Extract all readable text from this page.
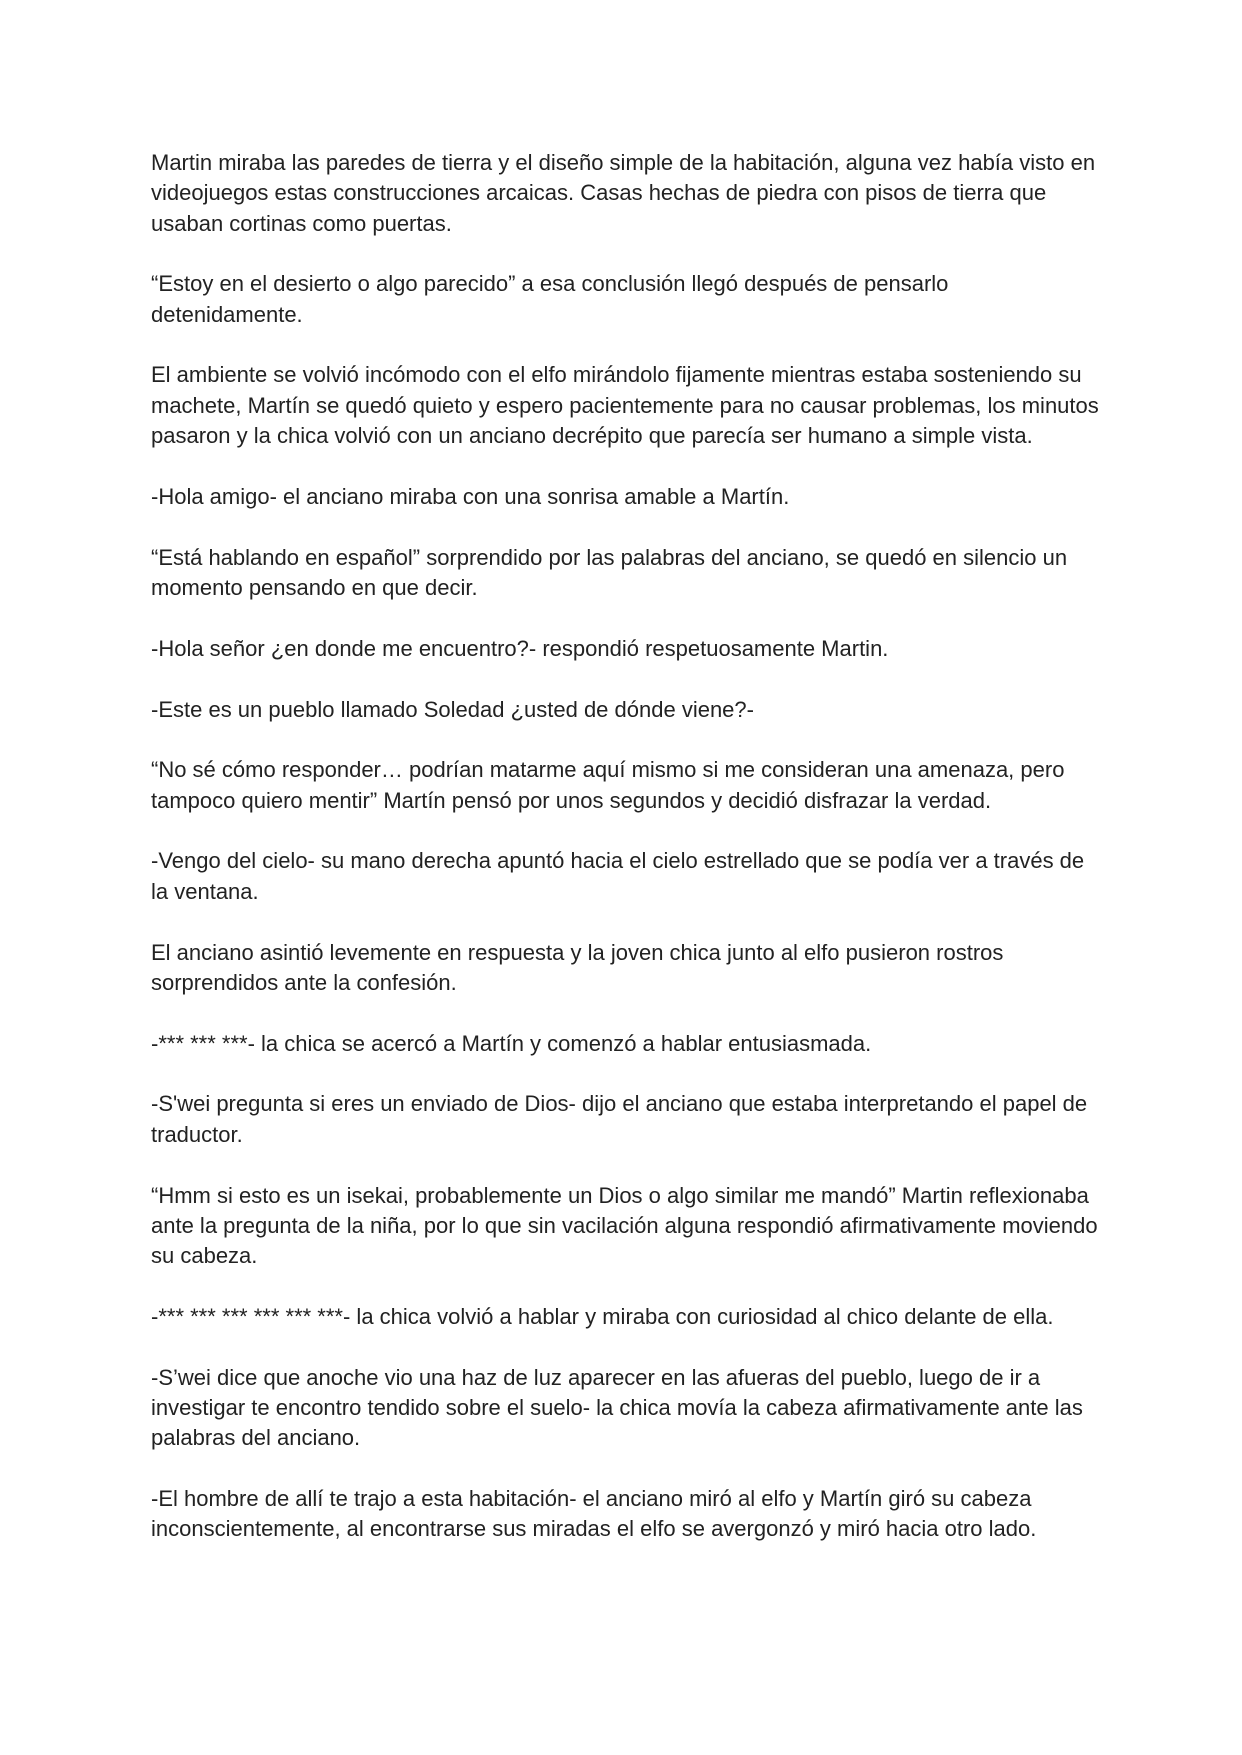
Martin miraba las paredes de tierra y el diseño simple de la habitación, alguna vez había visto en videojuegos estas construcciones arcaicas. Casas hechas de piedra con pisos de tierra que usaban cortinas como puertas.

“Estoy en el desierto o algo parecido” a esa conclusión llegó después de pensarlo detenidamente.

El ambiente se volvió incómodo con el elfo mirándolo fijamente mientras estaba sosteniendo su machete, Martín se quedó quieto y espero pacientemente para no causar problemas, los minutos pasaron y la chica volvió con un anciano decrépito que parecía ser humano a simple vista.

-Hola amigo- el anciano miraba con una sonrisa amable a Martín.

“Está hablando en español” sorprendido por las palabras del anciano, se quedó en silencio un momento pensando en que decir.

-Hola señor ¿en donde me encuentro?- respondió respetuosamente Martin.

-Este es un pueblo llamado Soledad ¿usted de dónde viene?-

“No sé cómo responder… podrían matarme aquí mismo si me consideran una amenaza, pero tampoco quiero mentir” Martín pensó por unos segundos y decidió disfrazar la verdad.

-Vengo del cielo- su mano derecha apuntó hacia el cielo estrellado que se podía ver a través de la ventana.

El anciano asintió levemente en respuesta y la joven chica junto al elfo pusieron rostros sorprendidos ante la confesión.

-*** *** ***- la chica se acercó a Martín y comenzó a hablar entusiasmada.

-S'wei pregunta si eres un enviado de Dios- dijo el anciano que estaba interpretando el papel de traductor.

“Hmm si esto es un isekai, probablemente un Dios o algo similar me mandó” Martin reflexionaba ante la pregunta de la niña, por lo que sin vacilación alguna respondió afirmativamente moviendo su cabeza.

-*** *** *** *** *** ***- la chica volvió a hablar y miraba con curiosidad al chico delante de ella.

-S’wei dice que anoche vio una haz de luz aparecer en las afueras del pueblo, luego de ir a investigar te encontro tendido sobre el suelo- la chica movía la cabeza afirmativamente ante las palabras del anciano.

-El hombre de allí te trajo a esta habitación- el anciano miró al elfo y Martín giró su cabeza inconscientemente, al encontrarse sus miradas el elfo se avergonzó y miró hacia otro lado.
